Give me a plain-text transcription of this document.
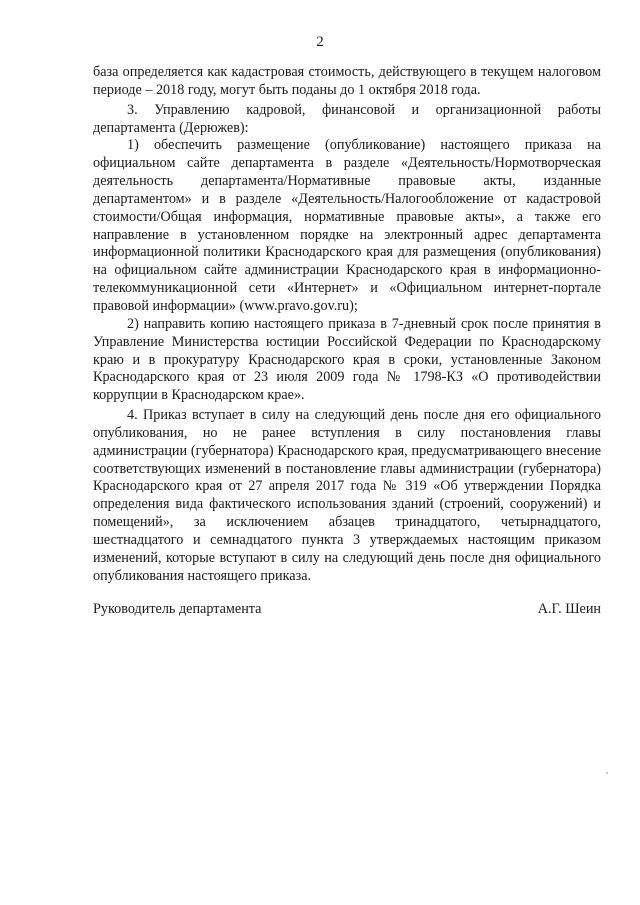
2

база определяется как кадастровая стоимость, действующего в текущем налоговом периоде – 2018 году, могут быть поданы до 1 октября 2018 года.

3. Управлению кадровой, финансовой и организационной работы департамента (Дерюжев):

1) обеспечить размещение (опубликование) настоящего приказа на официальном сайте департамента в разделе «Деятельность/Нормотворческая деятельность департамента/Нормативные правовые акты, изданные департаментом» и в разделе «Деятельность/Налогообложение от кадастровой стоимости/Общая информация, нормативные правовые акты», а также его направление в установленном порядке на электронный адрес департамента информационной политики Краснодарского края для размещения (опубликования) на официальном сайте администрации Краснодарского края в информационно-телекоммуникационной сети «Интернет» и «Официальном интернет-портале правовой информации» (www.pravo.gov.ru);

2) направить копию настоящего приказа в 7-дневный срок после принятия в Управление Министерства юстиции Российской Федерации по Краснодарскому краю и в прокуратуру Краснодарского края в сроки, установленные Законом Краснодарского края от 23 июля 2009 года № 1798-КЗ «О противодействии коррупции в Краснодарском крае».

4. Приказ вступает в силу на следующий день после дня его официального опубликования, но не ранее вступления в силу постановления главы администрации (губернатора) Краснодарского края, предусматривающего внесение соответствующих изменений в постановление главы администрации (губернатора) Краснодарского края от 27 апреля 2017 года № 319 «Об утверждении Порядка определения вида фактического использования зданий (строений, сооружений) и помещений», за исключением абзацев тринадцатого, четырнадцатого, шестнадцатого и семнадцатого пункта 3 утверждаемых настоящим приказом изменений, которые вступают в силу на следующий день после дня официального опубликования настоящего приказа.

Руководитель департамента	А.Г. Шеин
